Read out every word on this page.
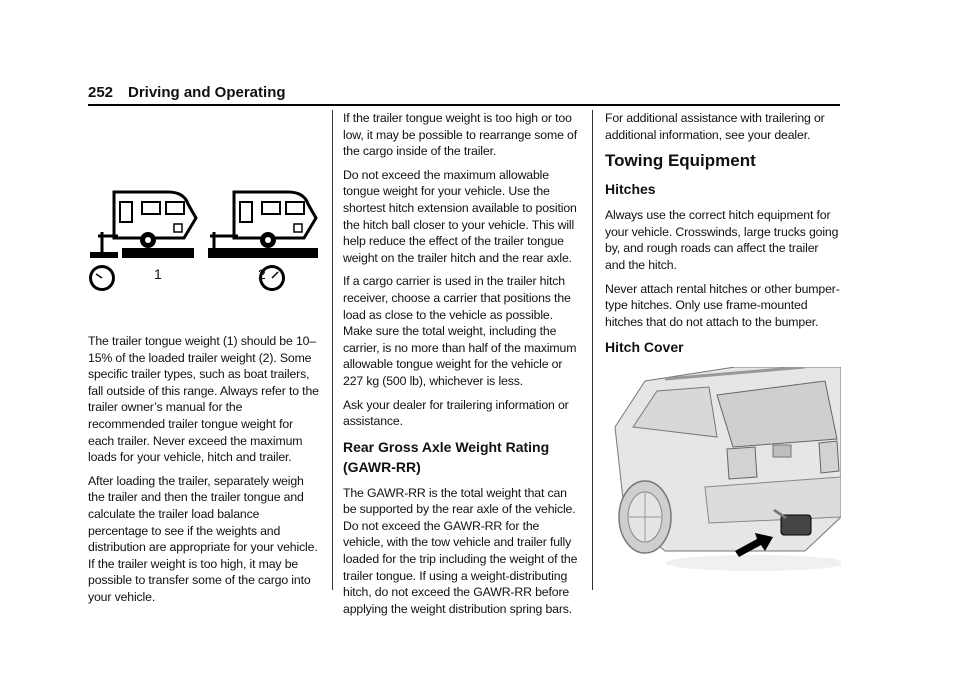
252 Driving and Operating
1	2

The trailer tongue weight (1) should be 10–15% of the loaded trailer weight (2). Some specific trailer types, such as boat trailers, fall outside of this range. Always refer to the trailer owner’s manual for the recommended trailer tongue weight for each trailer. Never exceed the maximum loads for your vehicle, hitch and trailer.

After loading the trailer, separately weigh the trailer and then the trailer tongue and calculate the trailer load balance percentage to see if the weights and distribution are appropriate for your vehicle. If the trailer weight is too high, it may be possible to transfer some of the cargo into your vehicle.

If the trailer tongue weight is too high or too low, it may be possible to rearrange some of the cargo inside of the trailer.

Do not exceed the maximum allowable tongue weight for your vehicle. Use the shortest hitch extension available to position the hitch ball closer to your vehicle. This will help reduce the effect of the trailer tongue weight on the trailer hitch and the rear axle.

If a cargo carrier is used in the trailer hitch receiver, choose a carrier that positions the load as close to the vehicle as possible. Make sure the total weight, including the carrier, is no more than half of the maximum allowable tongue weight for the vehicle or 227 kg (500 lb), whichever is less.

Ask your dealer for trailering information or assistance.

Rear Gross Axle Weight Rating (GAWR-RR)

The GAWR-RR is the total weight that can be supported by the rear axle of the vehicle. Do not exceed the GAWR-RR for the vehicle, with the tow vehicle and trailer fully loaded for the trip including the weight of the trailer tongue. If using a weight-distributing hitch, do not exceed the GAWR-RR before applying the weight distribution spring bars.

For additional assistance with trailering or additional information, see your dealer.

Towing Equipment
Hitches

Always use the correct hitch equipment for your vehicle. Crosswinds, large trucks going by, and rough roads can affect the trailer and the hitch.

Never attach rental hitches or other bumper-type hitches. Only use frame-mounted hitches that do not attach to the bumper.

Hitch Cover
